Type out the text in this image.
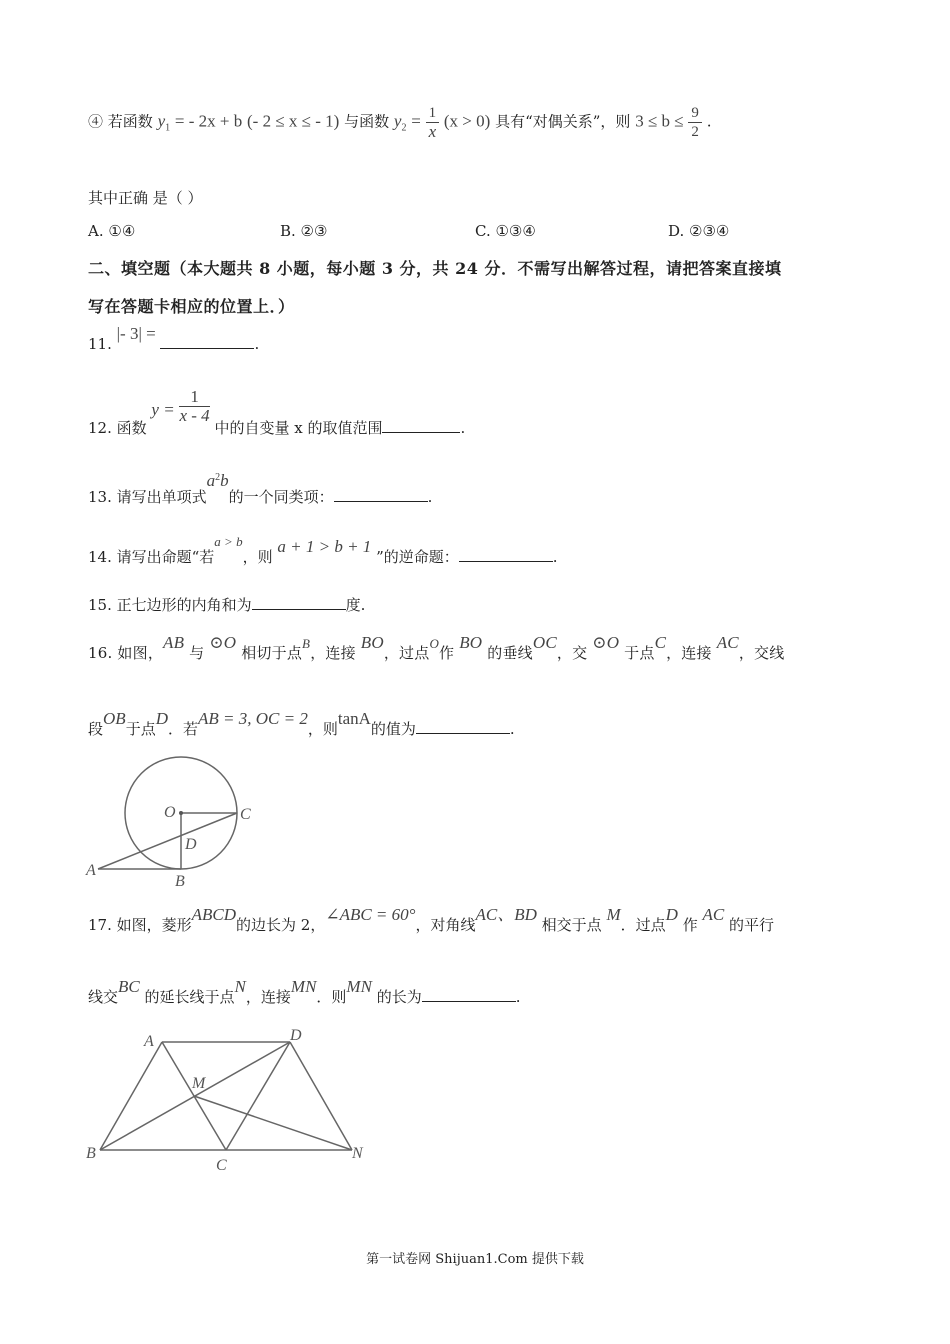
④ 若函数 $y_1$ = - 2x + b (- 2 ≤ x ≤ - 1) 与函数 $y_2 = \frac{1}{x} (x > 0)$ 具有“对偶关系”，则 $3 \le b \le \frac{9}{2}$ .
其中正确 是（ ）
A. ①④	B. ②③	C. ①③④	D. ②③④
二、填空题（本大题共 8 小题，每小题 3 分，共 24 分．不需写出解答过程，请把答案直接填
写在答题卡相应的位置上．）
11. |- 3| = .
12. 函数 $y = \frac{1}{x - 4}$
中的自变量 x 的取值范围	.
13. 请写出单项式$a^2b$的一个同类项：	.
14. 请写出命题“若a > b，则 a + 1 > b + 1 ”的逆命题：	.
15. 正七边形的内角和为	度.
16. 如图，AB 与 ⊙O 相切于点B，连接 BO，过点O作 BO 的垂线OC，交 ⊙O 于点C，连接 AC，交线
段OB于点D．若AB = 3, OC = 2，则tanA的值为	.
O	C
D
A
B
17. 如图，菱形ABCD的边长为 2，∠ABC = 60°，对角线AC、BD 相交于点 M．过点D 作 AC 的平行
线交BC 的延长线于点N，连接MN．则MN 的长为	.
A	D
M
B
C
N
第一试卷网 Shijuan1.Com 提供下载
